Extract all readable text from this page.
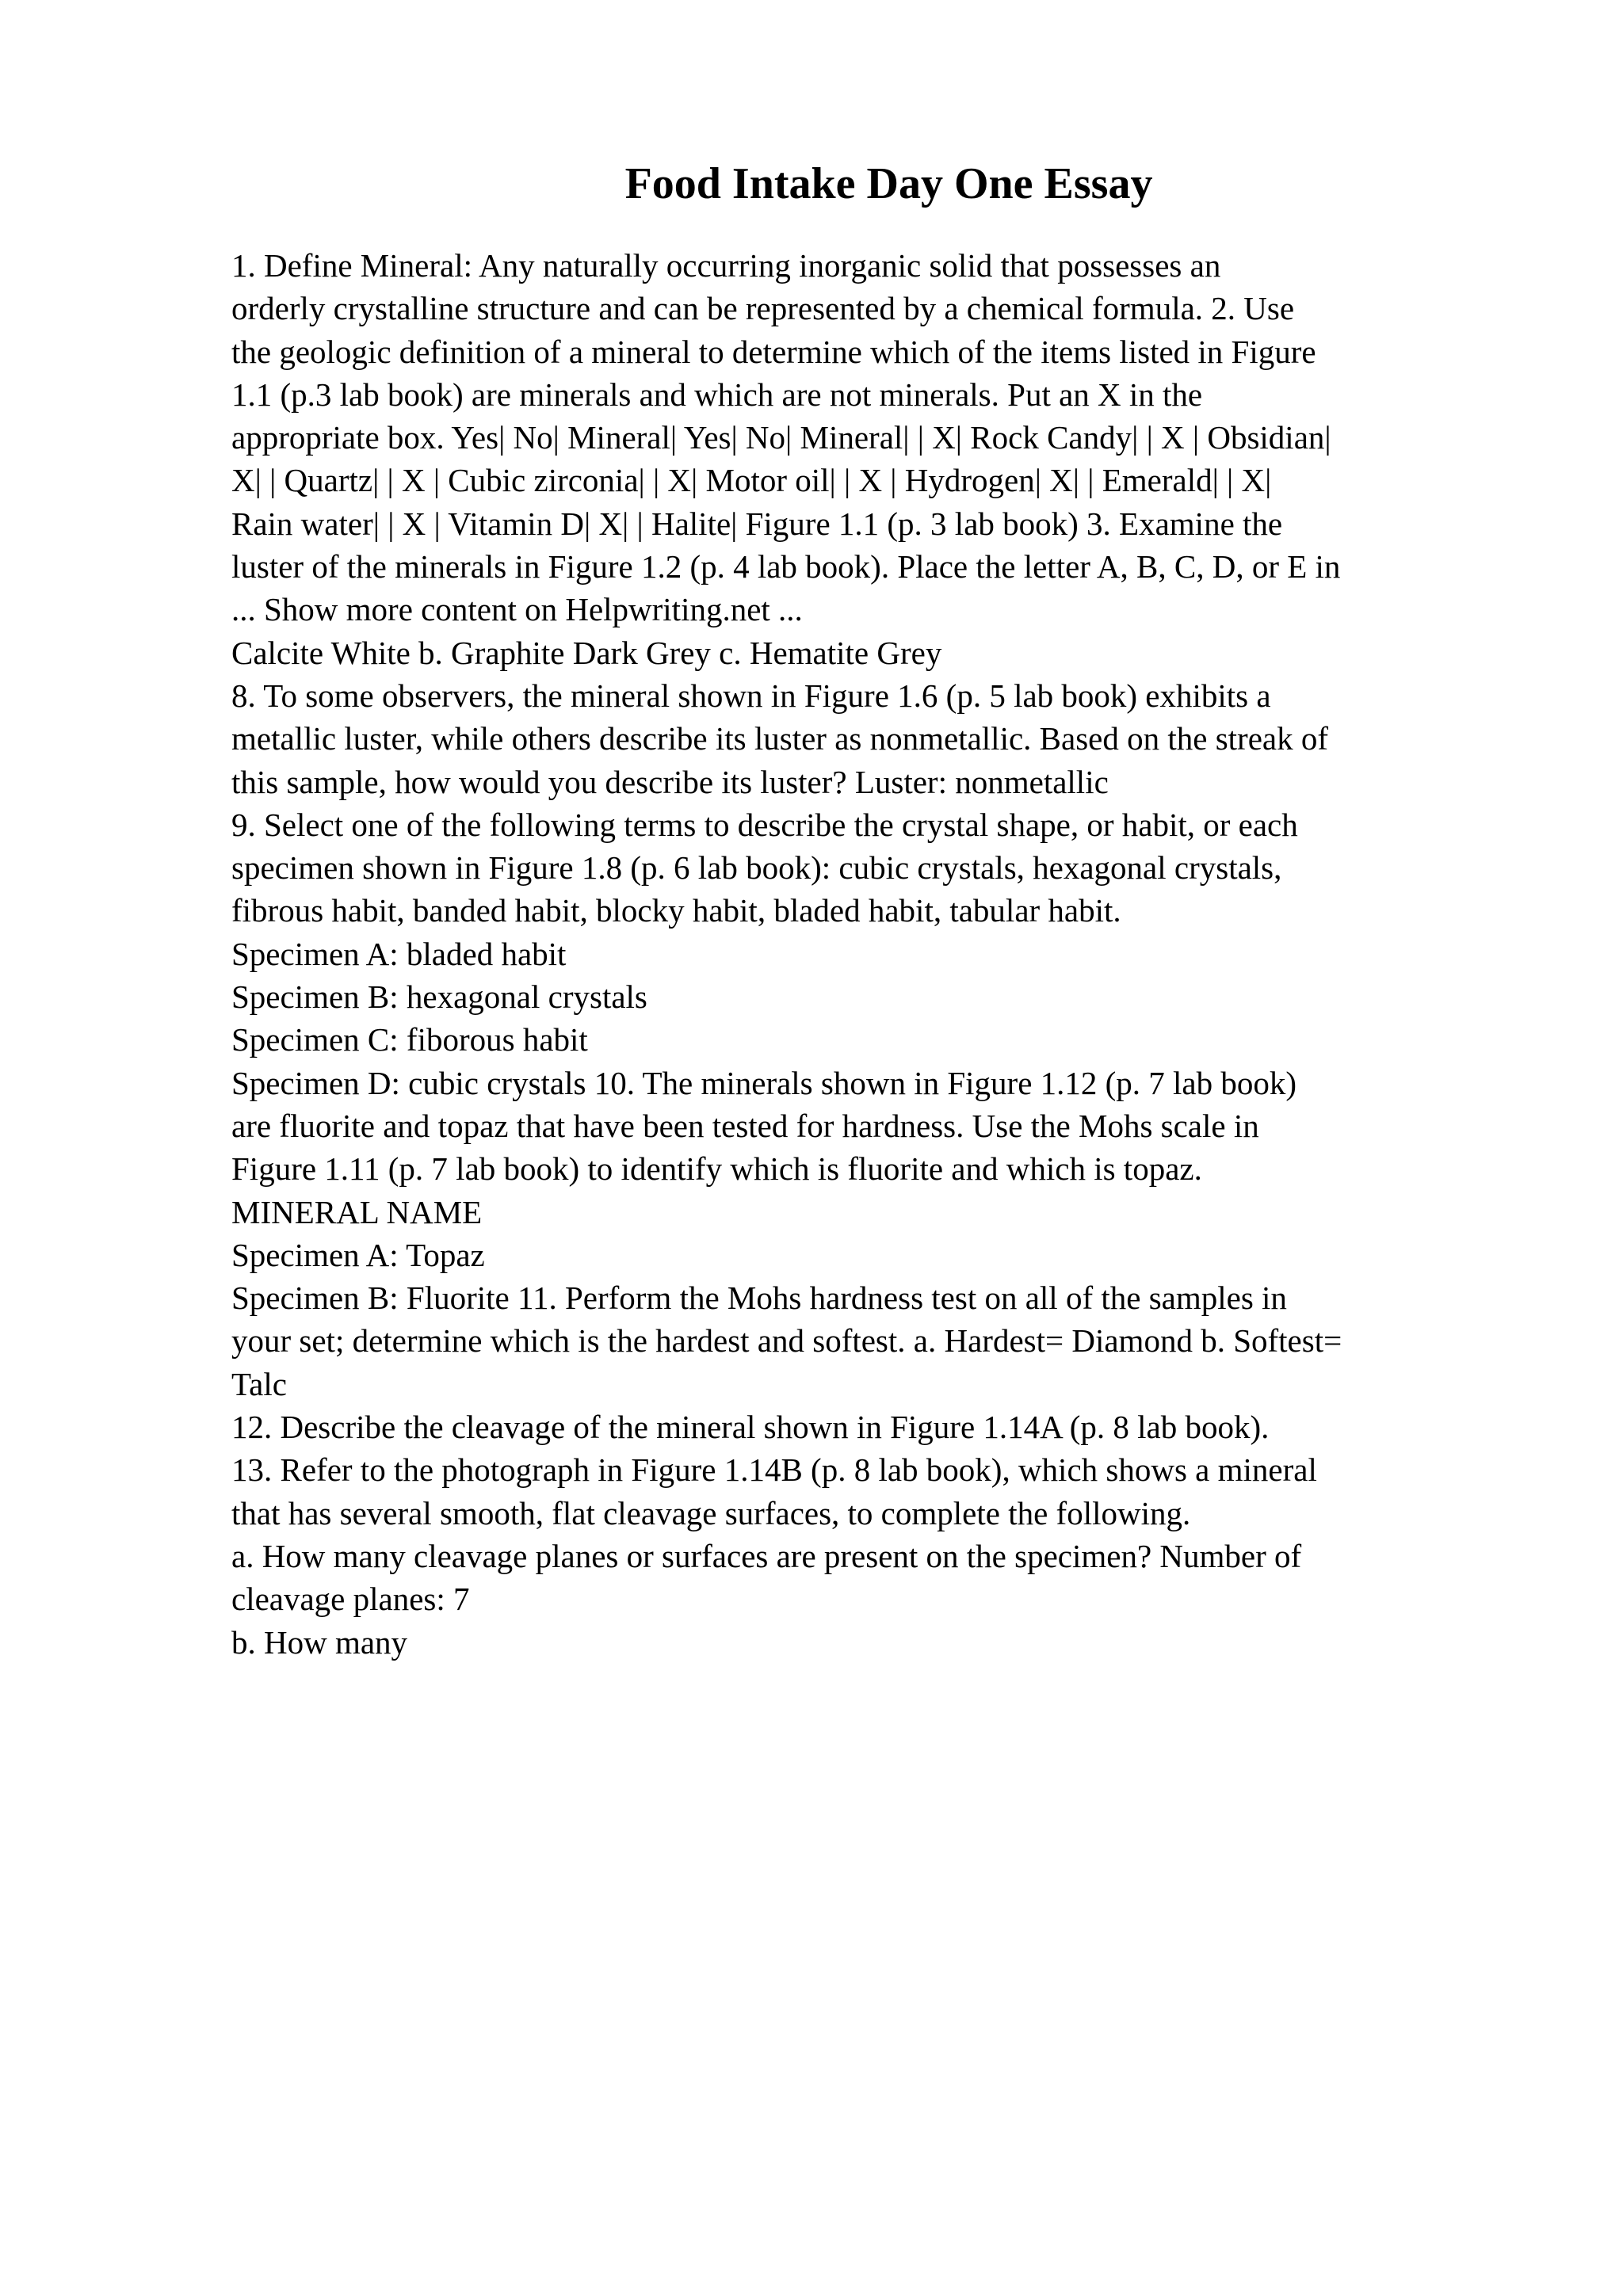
Food Intake Day One Essay
1. Define Mineral: Any naturally occurring inorganic solid that possesses an
orderly crystalline structure and can be represented by a chemical formula. 2. Use
the geologic definition of a mineral to determine which of the items listed in Figure
1.1 (p.3 lab book) are minerals and which are not minerals. Put an X in the
appropriate box. Yes| No| Mineral| Yes| No| Mineral| | X| Rock Candy| | X | Obsidian|
X| | Quartz| | X | Cubic zirconia| | X| Motor oil| | X | Hydrogen| X| | Emerald| | X|
Rain water| | X | Vitamin D| X| | Halite| Figure 1.1 (p. 3 lab book) 3. Examine the
luster of the minerals in Figure 1.2 (p. 4 lab book). Place the letter A, B, C, D, or E in
... Show more content on Helpwriting.net ...
Calcite White b. Graphite Dark Grey c. Hematite Grey
8. To some observers, the mineral shown in Figure 1.6 (p. 5 lab book) exhibits a
metallic luster, while others describe its luster as nonmetallic. Based on the streak of
this sample, how would you describe its luster? Luster: nonmetallic
9. Select one of the following terms to describe the crystal shape, or habit, or each
specimen shown in Figure 1.8 (p. 6 lab book): cubic crystals, hexagonal crystals,
fibrous habit, banded habit, blocky habit, bladed habit, tabular habit.
Specimen A: bladed habit
Specimen B: hexagonal crystals
Specimen C: fiborous habit
Specimen D: cubic crystals 10. The minerals shown in Figure 1.12 (p. 7 lab book)
are fluorite and topaz that have been tested for hardness. Use the Mohs scale in
Figure 1.11 (p. 7 lab book) to identify which is fluorite and which is topaz.
MINERAL NAME
Specimen A: Topaz
Specimen B: Fluorite 11. Perform the Mohs hardness test on all of the samples in
your set; determine which is the hardest and softest. a. Hardest= Diamond b. Softest=
Talc
12. Describe the cleavage of the mineral shown in Figure 1.14A (p. 8 lab book).
13. Refer to the photograph in Figure 1.14B (p. 8 lab book), which shows a mineral
that has several smooth, flat cleavage surfaces, to complete the following.
a. How many cleavage planes or surfaces are present on the specimen? Number of
cleavage planes: 7
b. How many
